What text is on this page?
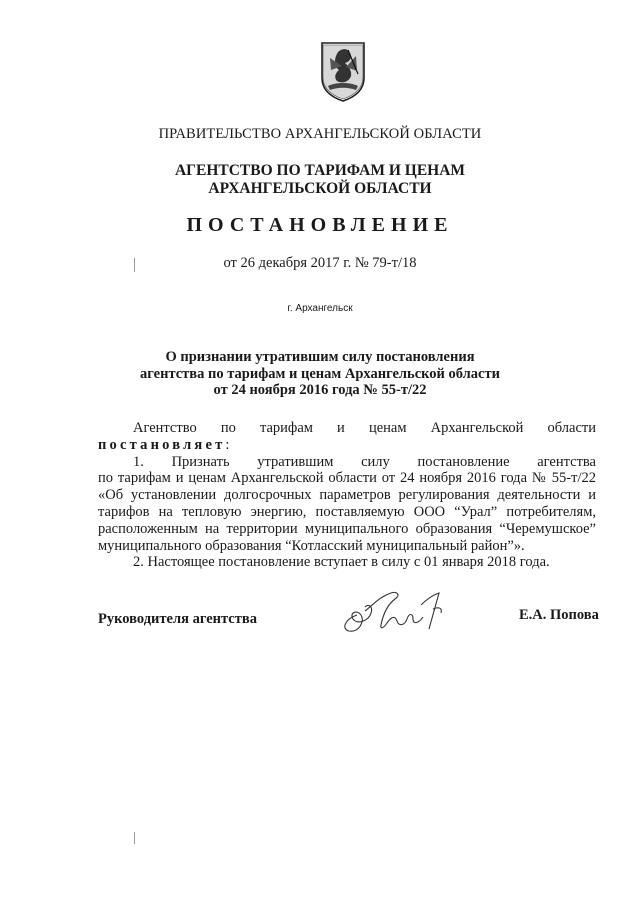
ПРАВИТЕЛЬСТВО АРХАНГЕЛЬСКОЙ ОБЛАСТИ
АГЕНТСТВО ПО ТАРИФАМ И ЦЕНАМ
АРХАНГЕЛЬСКОЙ ОБЛАСТИ
ПОСТАНОВЛЕНИЕ
от 26 декабря 2017 г. № 79-т/18
г. Архангельск
О признании утратившим силу постановления
агентства по тарифам и ценам Архангельской области
от 24 ноября 2016 года № 55-т/22

Агентство по тарифам и ценам Архангельской области

постановляет:

1. Признать утратившим силу постановление агентства

по тарифам и ценам Архангельской области от 24 ноября 2016 года № 55-т/22

«Об установлении долгосрочных параметров регулирования деятельности и

тарифов на тепловую энергию, поставляемую ООО “Урал” потребителям,

расположенным на территории муниципального образования “Черемушское”

муниципального образования “Котласский муниципальный район”».

2. Настоящее постановление вступает в силу с 01 января 2018 года.

Руководителя агентства	Е.А. Попова
